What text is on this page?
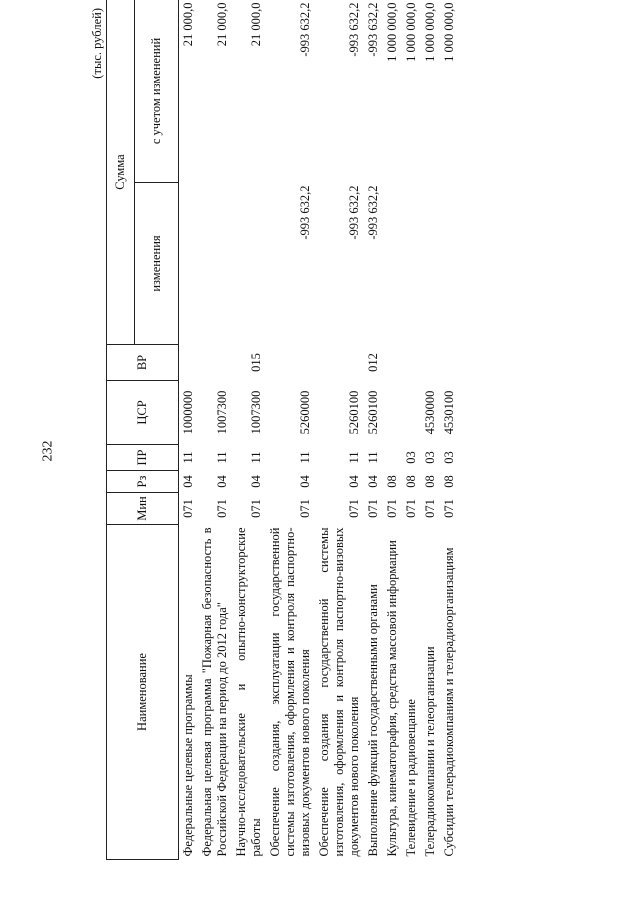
232
(тыс. рублей)
Наименование	Мин	Рз	ПР	ЦСР	ВР	Сумма	
						изменения	с учетом изменений
Федеральные целевые программы	071	04	11	1000000			21 000,0
Федеральная целевая программа "Пожарная безопасность в Российской Федерации на период до 2012 года"	071	04	11	1007300			21 000,0
Научно-исследовательские и опытно-конструкторские работы	071	04	11	1007300	015		21 000,0
Обеспечение создания, эксплуатации государственной системы изготовления, оформления и контроля паспортно-визовых документов нового поколения	071	04	11	5260000		-993 632,2	-993 632,2
Обеспечение создания государственной системы изготовления, оформления и контроля паспортно-визовых документов нового поколения	071	04	11	5260100		-993 632,2	-993 632,2
Выполнение функций государственными органами	071	04	11	5260100	012	-993 632,2	-993 632,2
Культура, кинематография, средства массовой информации	071	08					1 000 000,0
Телевидение и радиовещание	071	08	03				1 000 000,0
Телерадиокомпании и телеорганизации	071	08	03	4530000			1 000 000,0
Субсидии телерадиокомпаниям и телерадиоорганизациям	071	08	03	4530100			1 000 000,0
